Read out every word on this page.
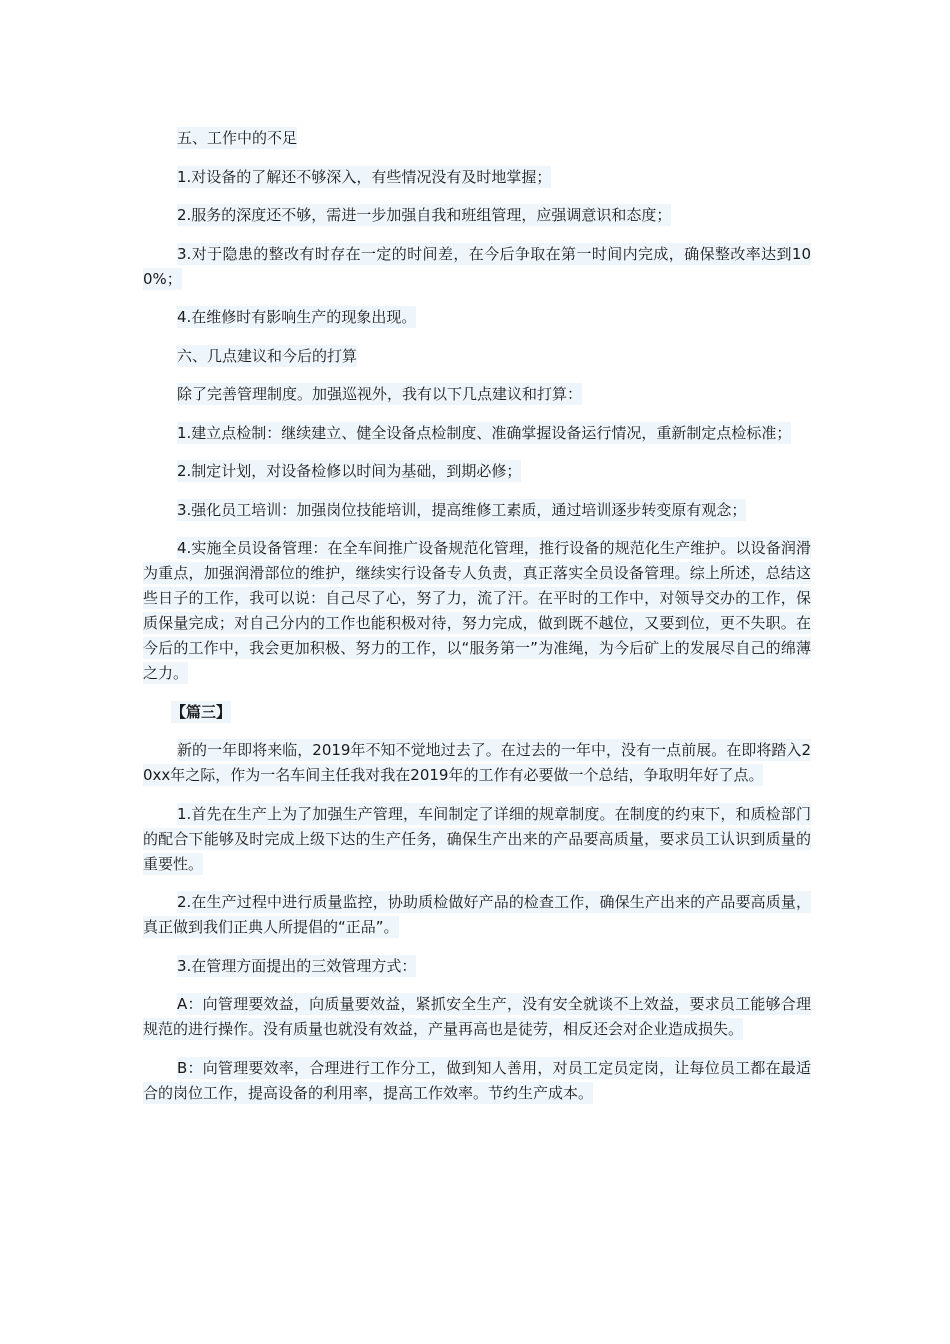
五、工作中的不足

1.对设备的了解还不够深入，有些情况没有及时地掌握；

2.服务的深度还不够，需进一步加强自我和班组管理，应强调意识和态度；

3.对于隐患的整改有时存在一定的时间差，在今后争取在第一时间内完成，确保整改率达到100%；

4.在维修时有影响生产的现象出现。

六、几点建议和今后的打算

除了完善管理制度。加强巡视外，我有以下几点建议和打算：

1.建立点检制：继续建立、健全设备点检制度、准确掌握设备运行情况，重新制定点检标准；

2.制定计划，对设备检修以时间为基础，到期必修；

3.强化员工培训：加强岗位技能培训，提高维修工素质，通过培训逐步转变原有观念；

4.实施全员设备管理：在全车间推广设备规范化管理，推行设备的规范化生产维护。以设备润滑为重点，加强润滑部位的维护，继续实行设备专人负责，真正落实全员设备管理。综上所述，总结这些日子的工作，我可以说：自己尽了心，努了力，流了汗。在平时的工作中，对领导交办的工作，保质保量完成；对自己分内的工作也能积极对待，努力完成，做到既不越位，又要到位，更不失职。在今后的工作中，我会更加积极、努力的工作，以“服务第一”为准绳，为今后矿上的发展尽自己的绵薄之力。

【篇三】

新的一年即将来临，2019年不知不觉地过去了。在过去的一年中，没有一点前展。在即将踏入20xx年之际，作为一名车间主任我对我在2019年的工作有必要做一个总结，争取明年好了点。

1.首先在生产上为了加强生产管理，车间制定了详细的规章制度。在制度的约束下，和质检部门的配合下能够及时完成上级下达的生产任务，确保生产出来的产品要高质量，要求员工认识到质量的重要性。

2.在生产过程中进行质量监控，协助质检做好产品的检查工作，确保生产出来的产品要高质量，真正做到我们正典人所提倡的“正品”。

3.在管理方面提出的三效管理方式：

A：向管理要效益，向质量要效益，紧抓安全生产，没有安全就谈不上效益，要求员工能够合理规范的进行操作。没有质量也就没有效益，产量再高也是徒劳，相反还会对企业造成损失。

B：向管理要效率，合理进行工作分工，做到知人善用，对员工定员定岗，让每位员工都在最适合的岗位工作，提高设备的利用率，提高工作效率。节约生产成本。
